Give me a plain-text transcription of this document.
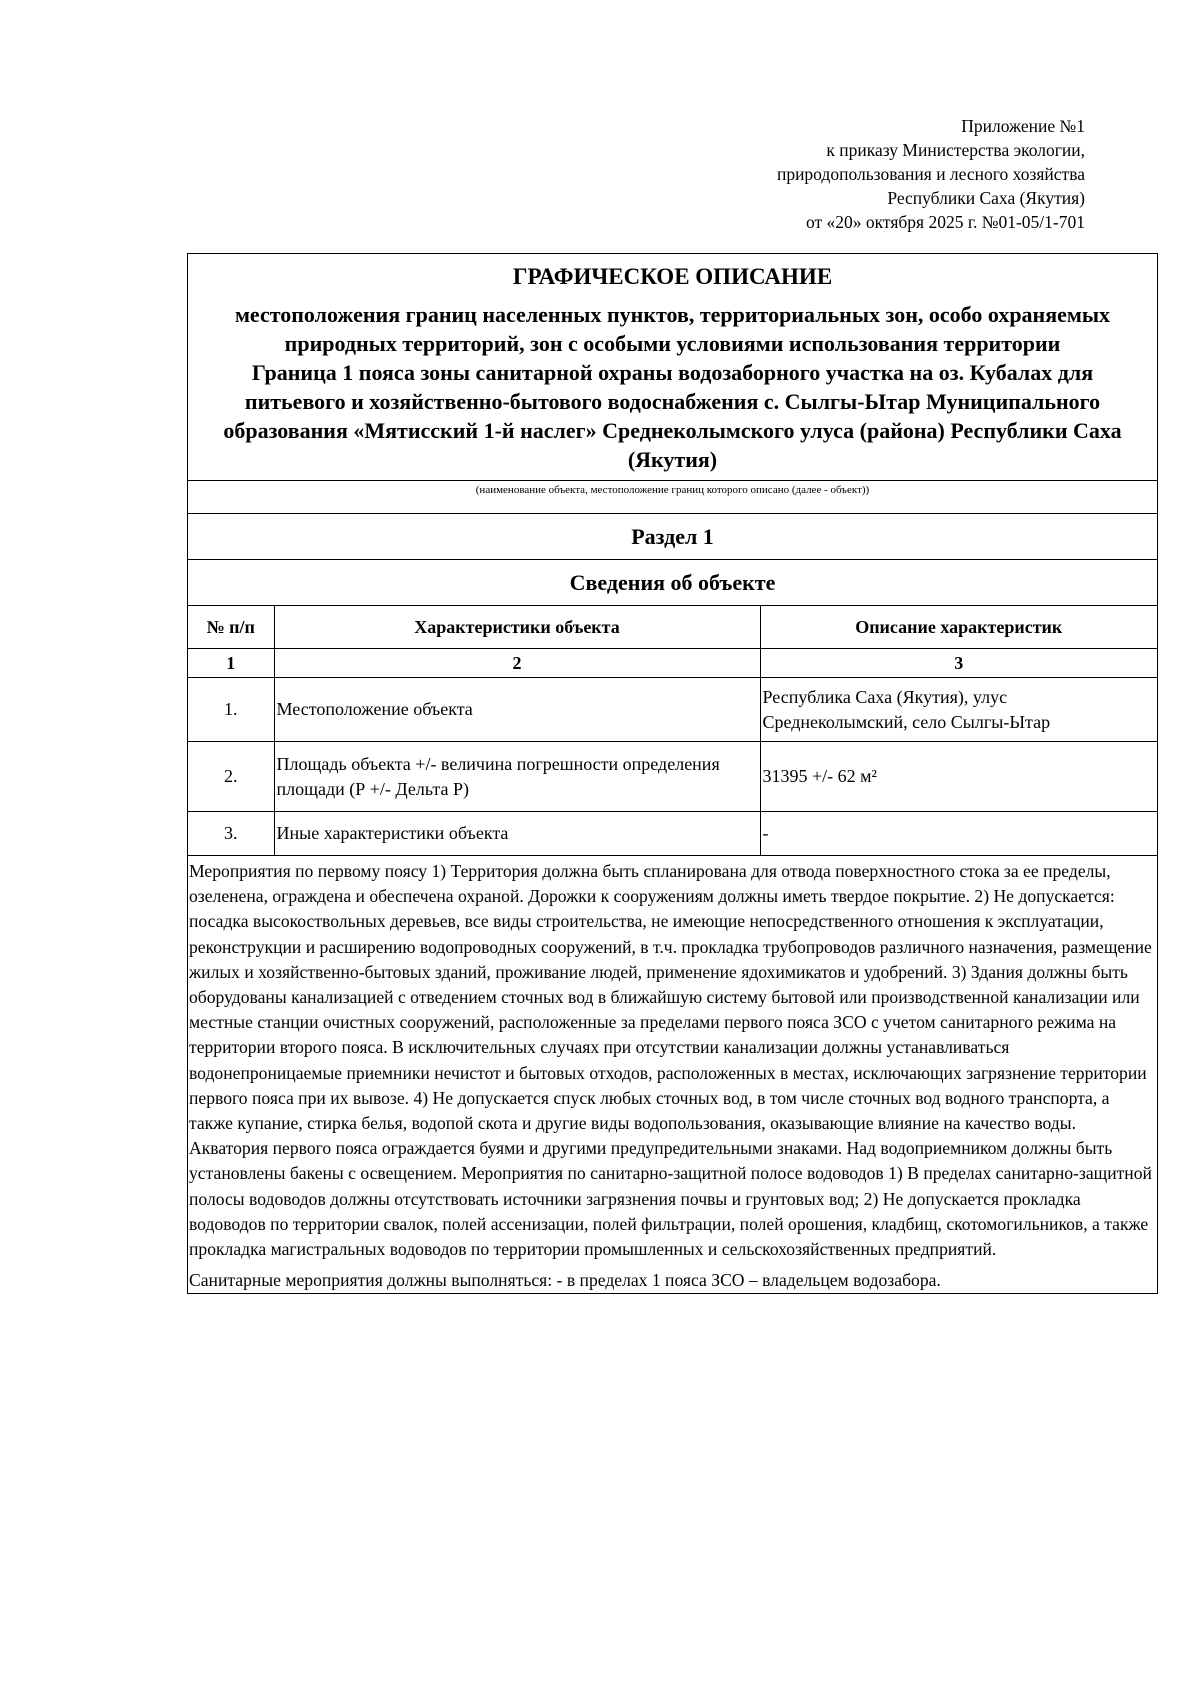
Приложение №1
к приказу Министерства экологии,
природопользования и лесного хозяйства
Республики Саха (Якутия)
от «20» октября 2025 г. №01-05/1-701
ГРАФИЧЕСКОЕ ОПИСАНИЕ
местоположения границ населенных пунктов, территориальных зон, особо охраняемых природных территорий, зон с особыми условиями использования территории
Граница 1 пояса зоны санитарной охраны водозаборного участка на оз. Кубалах для питьевого и хозяйственно-бытового водоснабжения с. Сылгы-Ытар Муниципального образования «Мятисский 1-й наслег» Среднеколымского улуса (района) Республики Саха (Якутия)
(наименование объекта, местоположение границ которого описано (далее - объект))
Раздел 1
Сведения об объекте
№ п/п	Характеристики объекта	Описание характеристик
1	2	3
1.	Местоположение объекта	Республика Саха (Якутия), улус Среднеколымский, село Сылгы-Ытар
2.	Площадь объекта +/- величина погрешности определения площади (Р +/- Дельта Р)	31395 +/- 62 м²
3.	Иные характеристики объекта	-

Мероприятия по первому поясу 1) Территория должна быть спланирована для отвода поверхностного стока за ее пределы, озеленена, ограждена и обеспечена охраной. Дорожки к сооружениям должны иметь твердое покрытие. 2) Не допускается: посадка высокоствольных деревьев, все виды строительства, не имеющие непосредственного отношения к эксплуатации, реконструкции и расширению водопроводных сооружений, в т.ч. прокладка трубопроводов различного назначения, размещение жилых и хозяйственно-бытовых зданий, проживание людей, применение ядохимикатов и удобрений. 3) Здания должны быть оборудованы канализацией с отведением сточных вод в ближайшую систему бытовой или производственной канализации или местные станции очистных сооружений, расположенные за пределами первого пояса ЗСО с учетом санитарного режима на территории второго пояса. В исключительных случаях при отсутствии канализации должны устанавливаться водонепроницаемые приемники нечистот и бытовых отходов, расположенных в местах, исключающих загрязнение территории первого пояса при их вывозе. 4) Не допускается спуск любых сточных вод, в том числе сточных вод водного транспорта, а также купание, стирка белья, водопой скота и другие виды водопользования, оказывающие влияние на качество воды. Акватория первого пояса ограждается буями и другими предупредительными знаками. Над водоприемником должны быть установлены бакены с освещением. Мероприятия по санитарно-защитной полосе водоводов 1) В пределах санитарно-защитной полосы водоводов должны отсутствовать источники загрязнения почвы и грунтовых вод; 2) Не допускается прокладка водоводов по территории свалок, полей ассенизации, полей фильтрации, полей орошения, кладбищ, скотомогильников, а также прокладка магистральных водоводов по территории промышленных и сельскохозяйственных предприятий.

Санитарные мероприятия должны выполняться: - в пределах 1 пояса ЗСО – владельцем водозабора.
